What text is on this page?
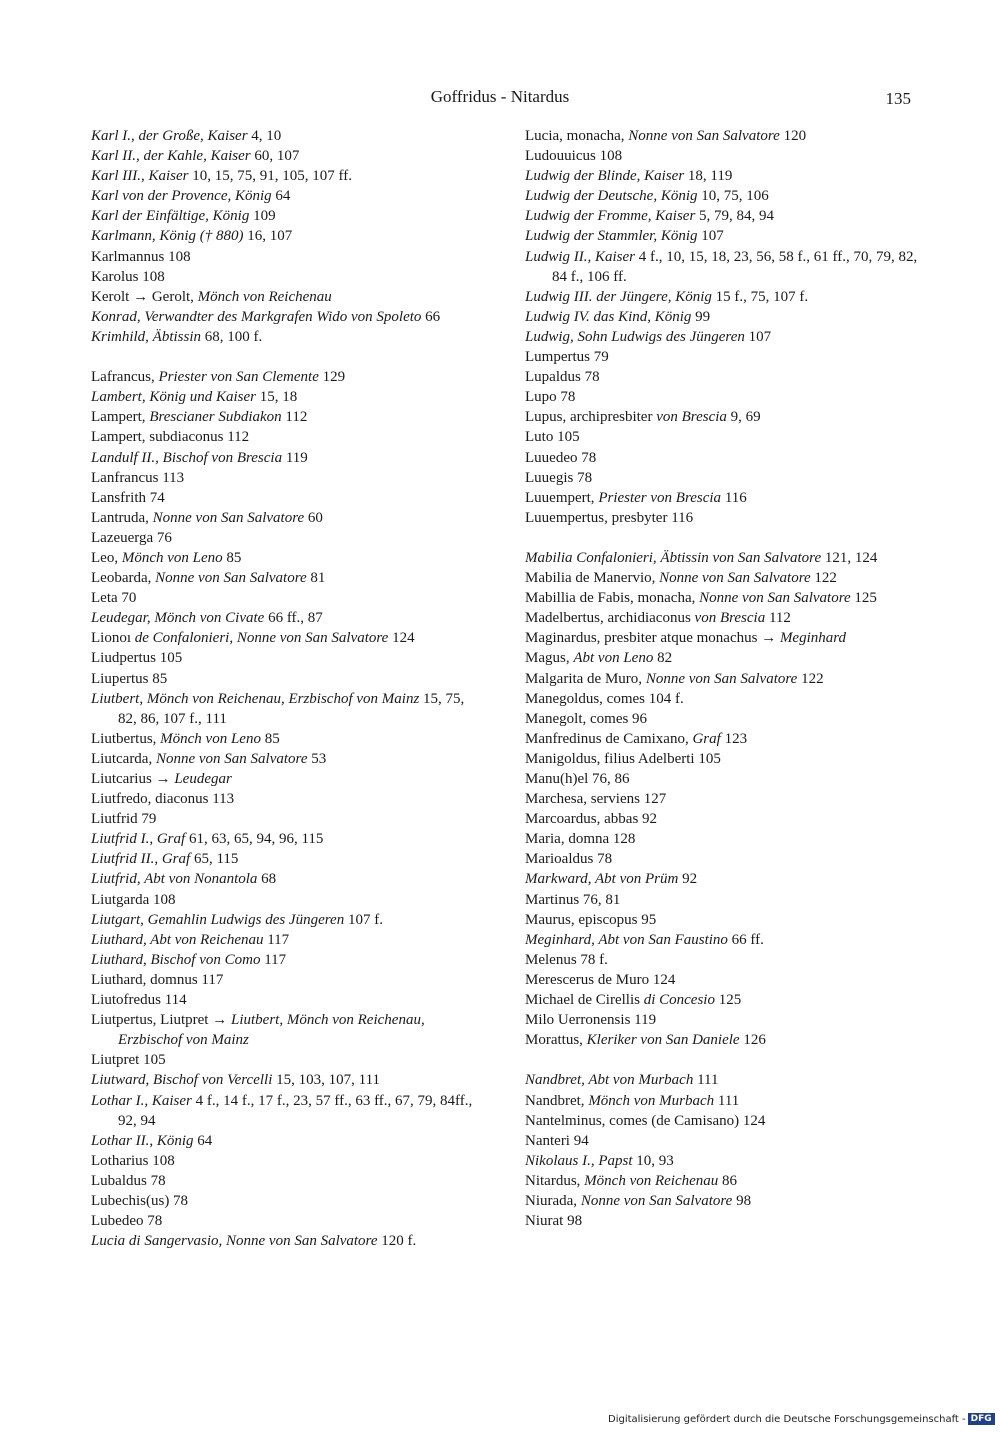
Goffridus - Nitardus	135
Karl I., der Große, Kaiser 4, 10
Karl II., der Kahle, Kaiser 60, 107
Karl III., Kaiser 10, 15, 75, 91, 105, 107 ff.
Karl von der Provence, König 64
Karl der Einfältige, König 109
Karlmann, König († 880) 16, 107
Karlmannus 108
Karolus 108
Kerolt → Gerolt, Mönch von Reichenau
Konrad, Verwandter des Markgrafen Wido von Spoleto 66
Krimhild, Äbtissin 68, 100 f.
Lafrancus, Priester von San Clemente 129
Lambert, König und Kaiser 15, 18
Lampert, Brescianer Subdiakon 112
Lampert, subdiaconus 112
Landulf II., Bischof von Brescia 119
Lanfrancus 113
Lansfrith 74
Lantruda, Nonne von San Salvatore 60
Lazeuerga 76
Leo, Mönch von Leno 85
Leobarda, Nonne von San Salvatore 81
Leta 70
Leudegar, Mönch von Civate 66 ff., 87
Lionoı de Confalonieri, Nonne von San Salvatore 124
Liudpertus 105
Liupertus 85
Liutbert, Mönch von Reichenau, Erzbischof von Mainz 15, 75, 82, 86, 107 f., 111
Liutbertus, Mönch von Leno 85
Liutcarda, Nonne von San Salvatore 53
Liutcarius → Leudegar
Liutfredo, diaconus 113
Liutfrid 79
Liutfrid I., Graf 61, 63, 65, 94, 96, 115
Liutfrid II., Graf 65, 115
Liutfrid, Abt von Nonantola 68
Liutgarda 108
Liutgart, Gemahlin Ludwigs des Jüngeren 107 f.
Liuthard, Abt von Reichenau 117
Liuthard, Bischof von Como 117
Liuthard, domnus 117
Liutofredus 114
Liutpertus, Liutpret → Liutbert, Mönch von Reichenau, Erzbischof von Mainz
Liutpret 105
Liutward, Bischof von Vercelli 15, 103, 107, 111
Lothar I., Kaiser 4 f., 14 f., 17 f., 23, 57 ff., 63 ff., 67, 79, 84ff., 92, 94
Lothar II., König 64
Lotharius 108
Lubaldus 78
Lubechis(us) 78
Lubedeo 78
Lucia di Sangervasio, Nonne von San Salvatore 120 f.
Lucia, monacha, Nonne von San Salvatore 120
Ludouuicus 108
Ludwig der Blinde, Kaiser 18, 119
Ludwig der Deutsche, König 10, 75, 106
Ludwig der Fromme, Kaiser 5, 79, 84, 94
Ludwig der Stammler, König 107
Ludwig II., Kaiser 4 f., 10, 15, 18, 23, 56, 58 f., 61 ff., 70, 79, 82, 84 f., 106 ff.
Ludwig III. der Jüngere, König 15 f., 75, 107 f.
Ludwig IV. das Kind, König 99
Ludwig, Sohn Ludwigs des Jüngeren 107
Lumpertus 79
Lupaldus 78
Lupo 78
Lupus, archipresbiter von Brescia 9, 69
Luto 105
Luuedeo 78
Luuegis 78
Luuempert, Priester von Brescia 116
Luuempertus, presbyter 116
Mabilia Confalonieri, Äbtissin von San Salvatore 121, 124
Mabilia de Manervio, Nonne von San Salvatore 122
Mabillia de Fabis, monacha, Nonne von San Salvatore 125
Madelbertus, archidiaconus von Brescia 112
Maginardus, presbiter atque monachus → Meginhard
Magus, Abt von Leno 82
Malgarita de Muro, Nonne von San Salvatore 122
Manegoldus, comes 104 f.
Manegolt, comes 96
Manfredinus de Camixano, Graf 123
Manigoldus, filius Adelberti 105
Manu(h)el 76, 86
Marchesa, serviens 127
Marcoardus, abbas 92
Maria, domna 128
Marioaldus 78
Markward, Abt von Prüm 92
Martinus 76, 81
Maurus, episcopus 95
Meginhard, Abt von San Faustino 66 ff.
Melenus 78 f.
Merescerus de Muro 124
Michael de Cirellis di Concesio 125
Milo Uerronensis 119
Morattus, Kleriker von San Daniele 126
Nandbret, Abt von Murbach 111
Nandbret, Mönch von Murbach 111
Nantelminus, comes (de Camisano) 124
Nanteri 94
Nikolaus I., Papst 10, 93
Nitardus, Mönch von Reichenau 86
Niurada, Nonne von San Salvatore 98
Niurat 98
Digitalisierung gefördert durch die Deutsche Forschungsgemeinschaft - DFG
